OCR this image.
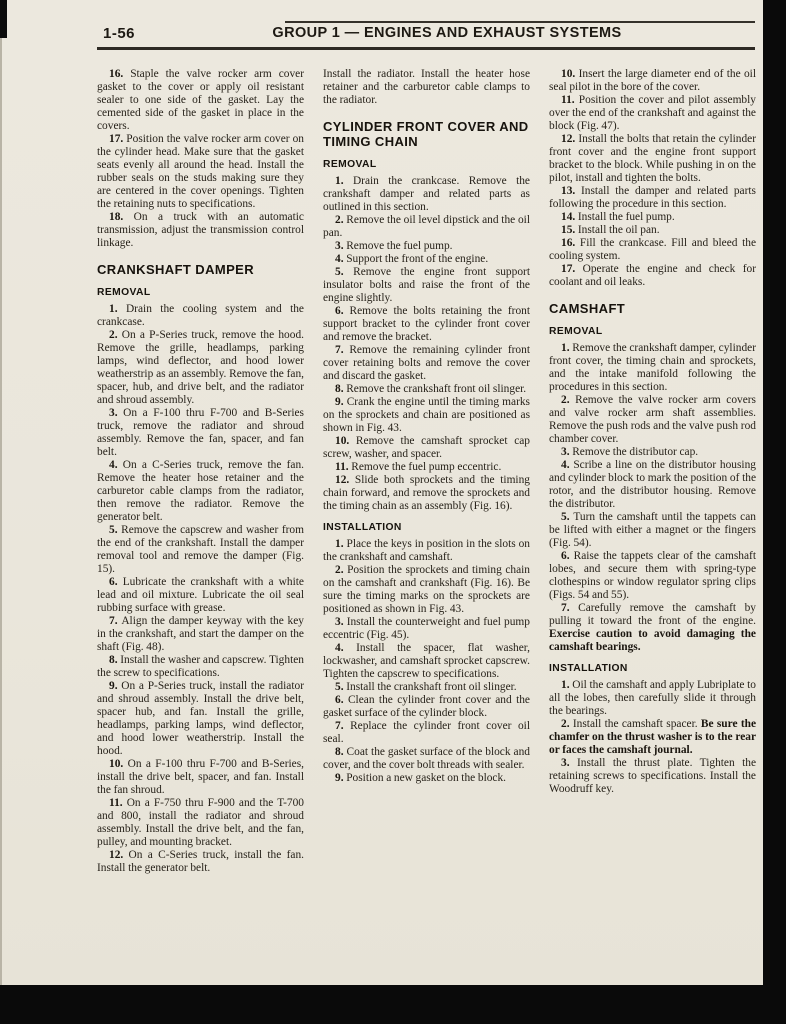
1-56	GROUP 1 — ENGINES AND EXHAUST SYSTEMS

16. Staple the valve rocker arm cover gasket to the cover or apply oil resistant sealer to one side of the gasket. Lay the cemented side of the gasket in place in the covers.

17. Position the valve rocker arm cover on the cylinder head. Make sure that the gasket seats evenly all around the head. Install the rubber seals on the studs making sure they are centered in the cover openings. Tighten the retaining nuts to specifications.

18. On a truck with an automatic transmission, adjust the transmission control linkage.

CRANKSHAFT DAMPER
REMOVAL

1. Drain the cooling system and the crankcase.

2. On a P-Series truck, remove the hood. Remove the grille, headlamps, parking lamps, wind deflector, and hood lower weatherstrip as an assembly. Remove the fan, spacer, hub, and drive belt, and the radiator and shroud assembly.

3. On a F-100 thru F-700 and B-Series truck, remove the radiator and shroud assembly. Remove the fan, spacer, and fan belt.

4. On a C-Series truck, remove the fan. Remove the heater hose retainer and the carburetor cable clamps from the radiator, then remove the radiator. Remove the generator belt.

5. Remove the capscrew and washer from the end of the crankshaft. Install the damper removal tool and remove the damper (Fig. 15).

6. Lubricate the crankshaft with a white lead and oil mixture. Lubricate the oil seal rubbing surface with grease.

7. Align the damper keyway with the key in the crankshaft, and start the damper on the shaft (Fig. 48).

8. Install the washer and capscrew. Tighten the screw to specifications.

9. On a P-Series truck, install the radiator and shroud assembly. Install the drive belt, spacer hub, and fan. Install the grille, headlamps, parking lamps, wind deflector, and hood lower weatherstrip. Install the hood.

10. On a F-100 thru F-700 and B-Series, install the drive belt, spacer, and fan. Install the fan shroud.

11. On a F-750 thru F-900 and the T-700 and 800, install the radiator and shroud assembly. Install the drive belt, and the fan, pulley, and mounting bracket.

12. On a C-Series truck, install the fan. Install the generator belt.

Install the radiator. Install the heater hose retainer and the carburetor cable clamps to the radiator.

CYLINDER FRONT COVER AND TIMING CHAIN
REMOVAL

1. Drain the crankcase. Remove the crankshaft damper and related parts as outlined in this section.

2. Remove the oil level dipstick and the oil pan.

3. Remove the fuel pump.

4. Support the front of the engine.

5. Remove the engine front support insulator bolts and raise the front of the engine slightly.

6. Remove the bolts retaining the front support bracket to the cylinder front cover and remove the bracket.

7. Remove the remaining cylinder front cover retaining bolts and remove the cover and discard the gasket.

8. Remove the crankshaft front oil slinger.

9. Crank the engine until the timing marks on the sprockets and chain are positioned as shown in Fig. 43.

10. Remove the camshaft sprocket cap screw, washer, and spacer.

11. Remove the fuel pump eccentric.

12. Slide both sprockets and the timing chain forward, and remove the sprockets and the timing chain as an assembly (Fig. 16).

INSTALLATION

1. Place the keys in position in the slots on the crankshaft and camshaft.

2. Position the sprockets and timing chain on the camshaft and crankshaft (Fig. 16). Be sure the timing marks on the sprockets are positioned as shown in Fig. 43.

3. Install the counterweight and fuel pump eccentric (Fig. 45).

4. Install the spacer, flat washer, lockwasher, and camshaft sprocket capscrew. Tighten the capscrew to specifications.

5. Install the crankshaft front oil slinger.

6. Clean the cylinder front cover and the gasket surface of the cylinder block.

7. Replace the cylinder front cover oil seal.

8. Coat the gasket surface of the block and cover, and the cover bolt threads with sealer.

9. Position a new gasket on the block.

10. Insert the large diameter end of the oil seal pilot in the bore of the cover.

11. Position the cover and pilot assembly over the end of the crankshaft and against the block (Fig. 47).

12. Install the bolts that retain the cylinder front cover and the engine front support bracket to the block. While pushing in on the pilot, install and tighten the bolts.

13. Install the damper and related parts following the procedure in this section.

14. Install the fuel pump.

15. Install the oil pan.

16. Fill the crankcase. Fill and bleed the cooling system.

17. Operate the engine and check for coolant and oil leaks.

CAMSHAFT
REMOVAL

1. Remove the crankshaft damper, cylinder front cover, the timing chain and sprockets, and the intake manifold following the procedures in this section.

2. Remove the valve rocker arm covers and valve rocker arm shaft assemblies. Remove the push rods and the valve push rod chamber cover.

3. Remove the distributor cap.

4. Scribe a line on the distributor housing and cylinder block to mark the position of the rotor, and the distributor housing. Remove the distributor.

5. Turn the camshaft until the tappets can be lifted with either a magnet or the fingers (Fig. 54).

6. Raise the tappets clear of the camshaft lobes, and secure them with spring-type clothespins or window regulator spring clips (Figs. 54 and 55).

7. Carefully remove the camshaft by pulling it toward the front of the engine. Exercise caution to avoid damaging the camshaft bearings.

INSTALLATION

1. Oil the camshaft and apply Lubriplate to all the lobes, then carefully slide it through the bearings.

2. Install the camshaft spacer. Be sure the chamfer on the thrust washer is to the rear or faces the camshaft journal.

3. Install the thrust plate. Tighten the retaining screws to specifications. Install the Woodruff key.
